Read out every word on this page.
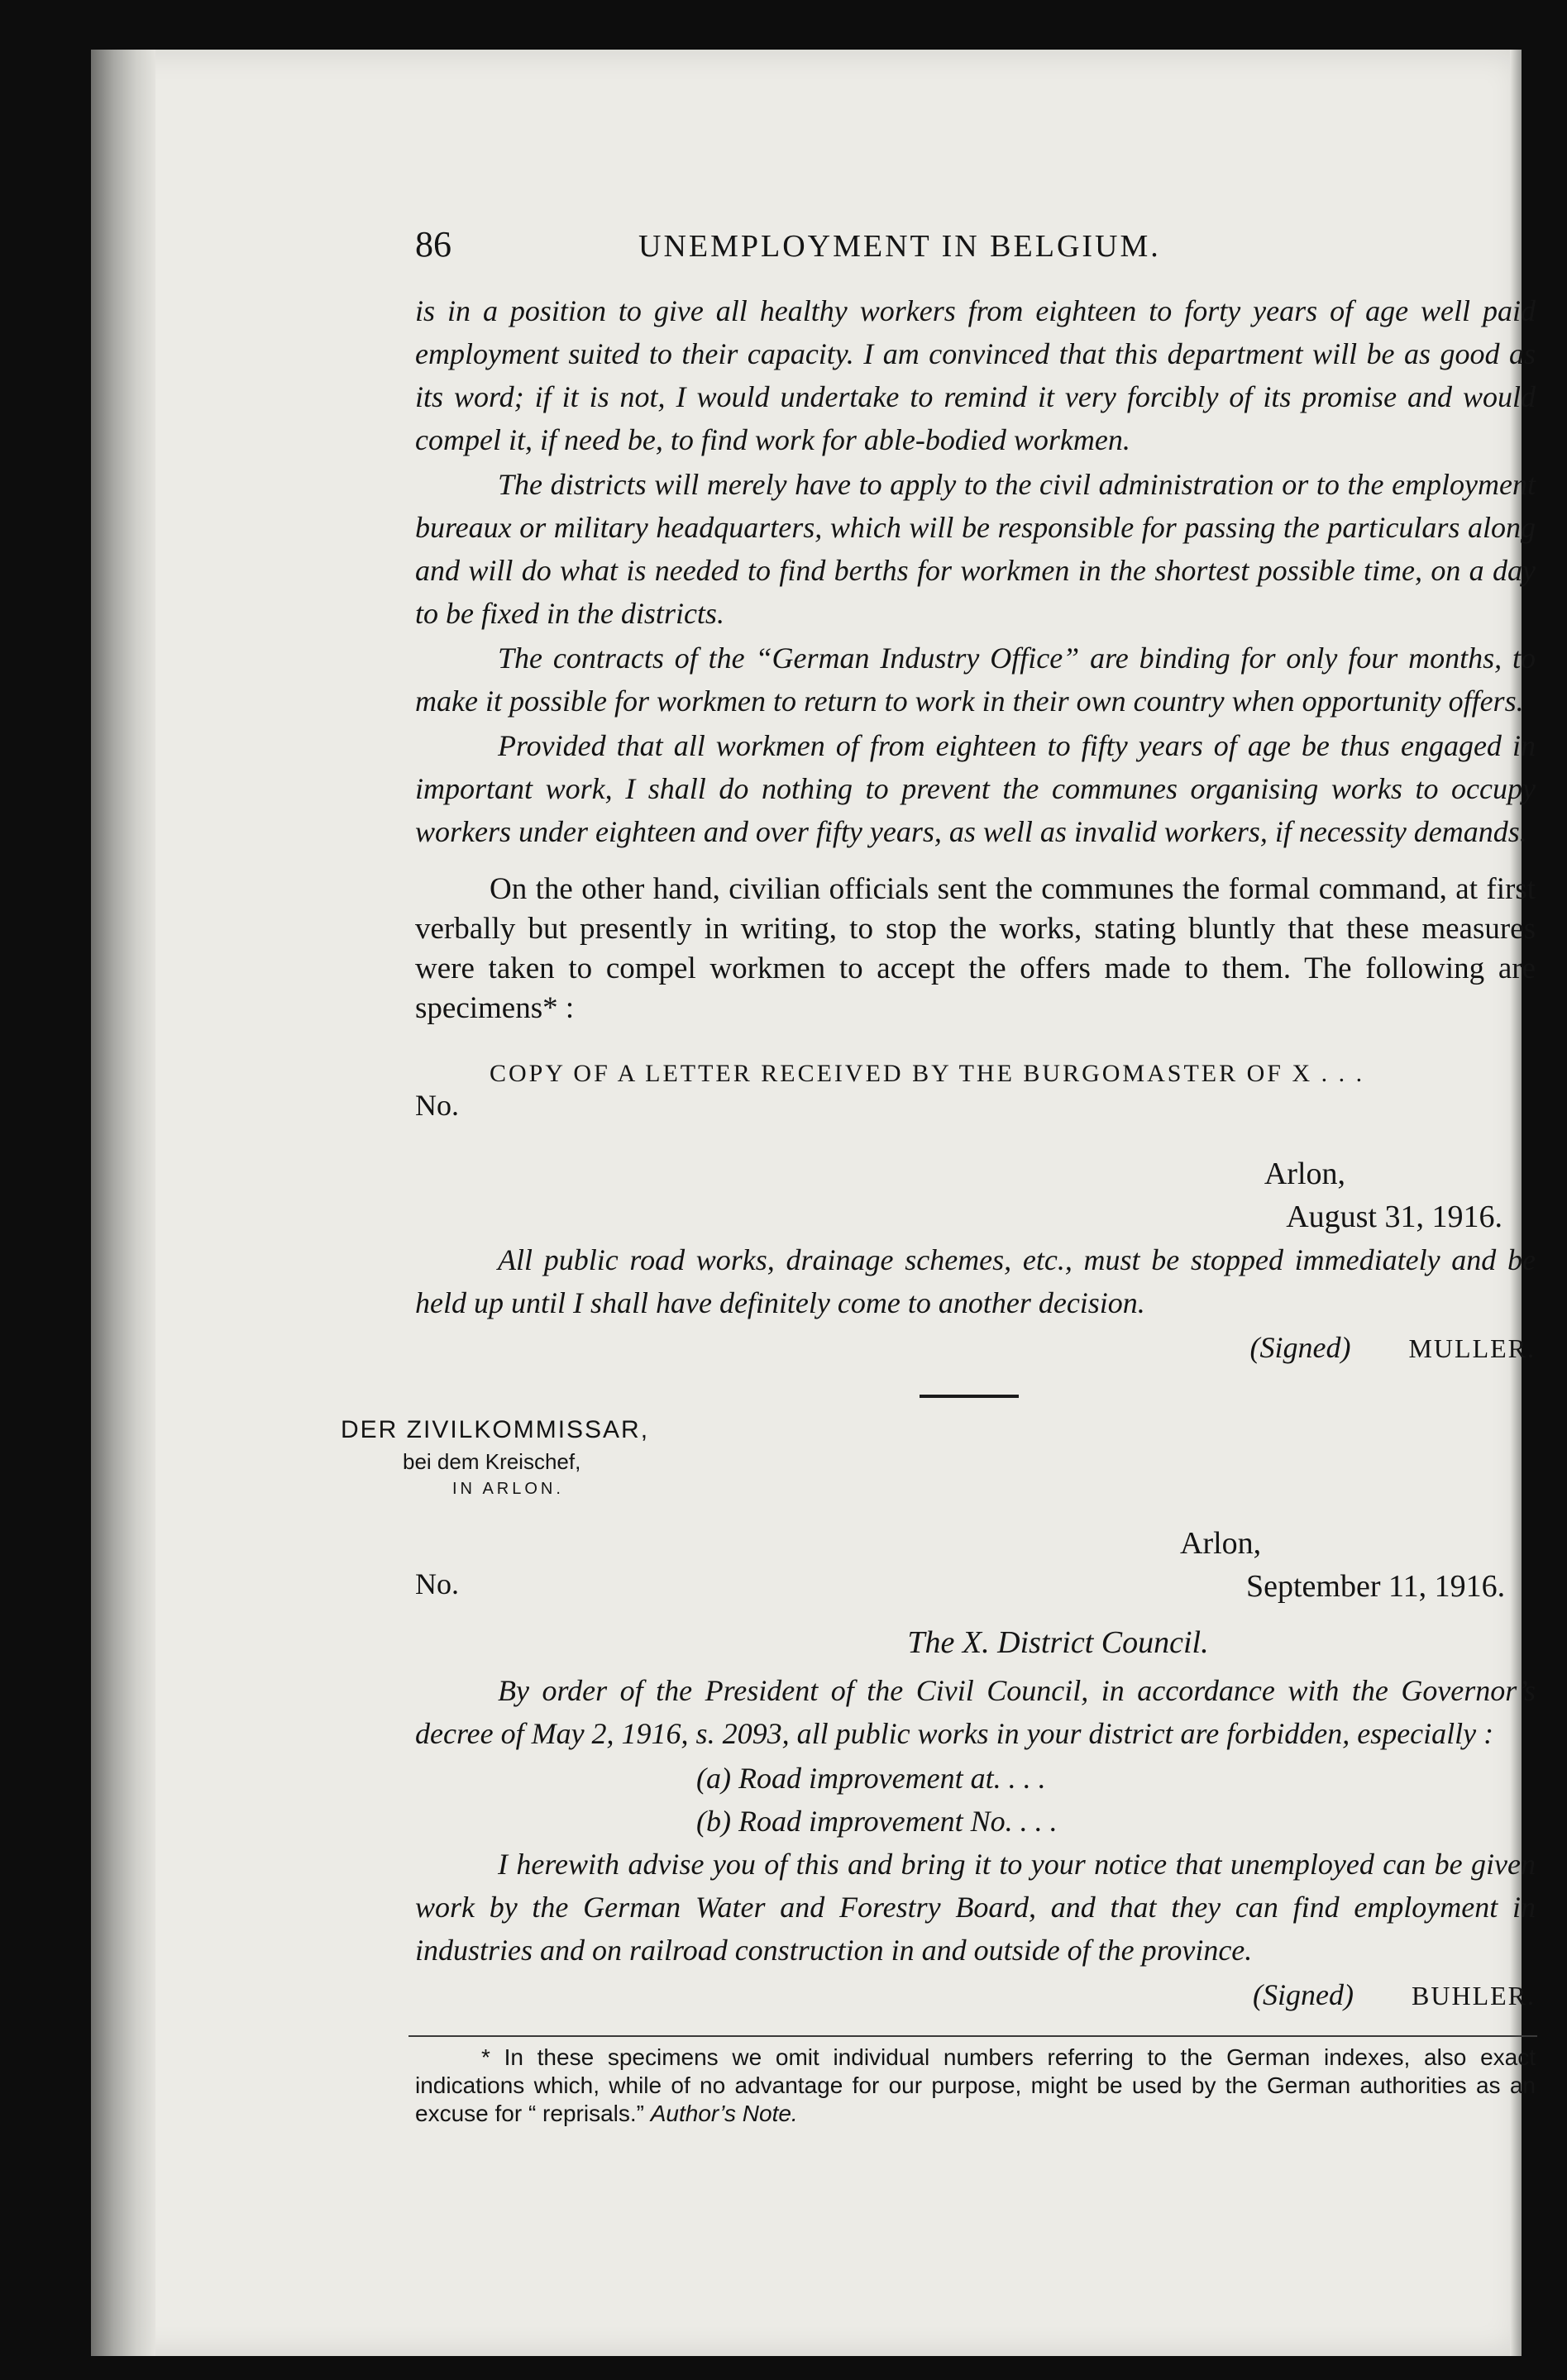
86	UNEMPLOYMENT IN BELGIUM.

is in a position to give all healthy workers from eighteen to forty years of age well paid employment suited to their capacity. I am convinced that this department will be as good as its word; if it is not, I would undertake to remind it very forcibly of its promise and would compel it, if need be, to find work for able-bodied workmen.

The districts will merely have to apply to the civil administration or to the employment bureaux or military headquarters, which will be responsible for passing the particulars along and will do what is needed to find berths for workmen in the shortest possible time, on a day to be fixed in the districts.

The contracts of the “German Industry Office” are binding for only four months, to make it possible for workmen to return to work in their own country when opportunity offers.

Provided that all workmen of from eighteen to fifty years of age be thus engaged in important work, I shall do nothing to prevent the communes organising works to occupy workers under eighteen and over fifty years, as well as invalid workers, if necessity demands.

On the other hand, civilian officials sent the communes the formal command, at first verbally but presently in writing, to stop the works, stating bluntly that these measures were taken to compel workmen to accept the offers made to them. The following are specimens* :

COPY OF A LETTER RECEIVED BY THE BURGOMASTER OF X . . .
No.
Arlon,
August 31, 1916.

All public road works, drainage schemes, etc., must be stopped immediately and be held up until I shall have definitely come to another decision.

(Signed) MULLER.
DER ZIVILKOMMISSAR,
bei dem Kreischef,
IN ARLON.
No.
Arlon,
September 11, 1916.
The X. District Council.

By order of the President of the Civil Council, in accordance with the Governor’s decree of May 2, 1916, s. 2093, all public works in your district are forbidden, especially :

(a) Road improvement at. . . .
(b) Road improvement No. . . .

I herewith advise you of this and bring it to your notice that unemployed can be given work by the German Water and Forestry Board, and that they can find employment in industries and on railroad construction in and outside of the province.

(Signed) BUHLER.

* In these specimens we omit individual numbers referring to the German indexes, also exact indications which, while of no advantage for our purpose, might be used by the German authorities as an excuse for “ reprisals.” Author’s Note.
